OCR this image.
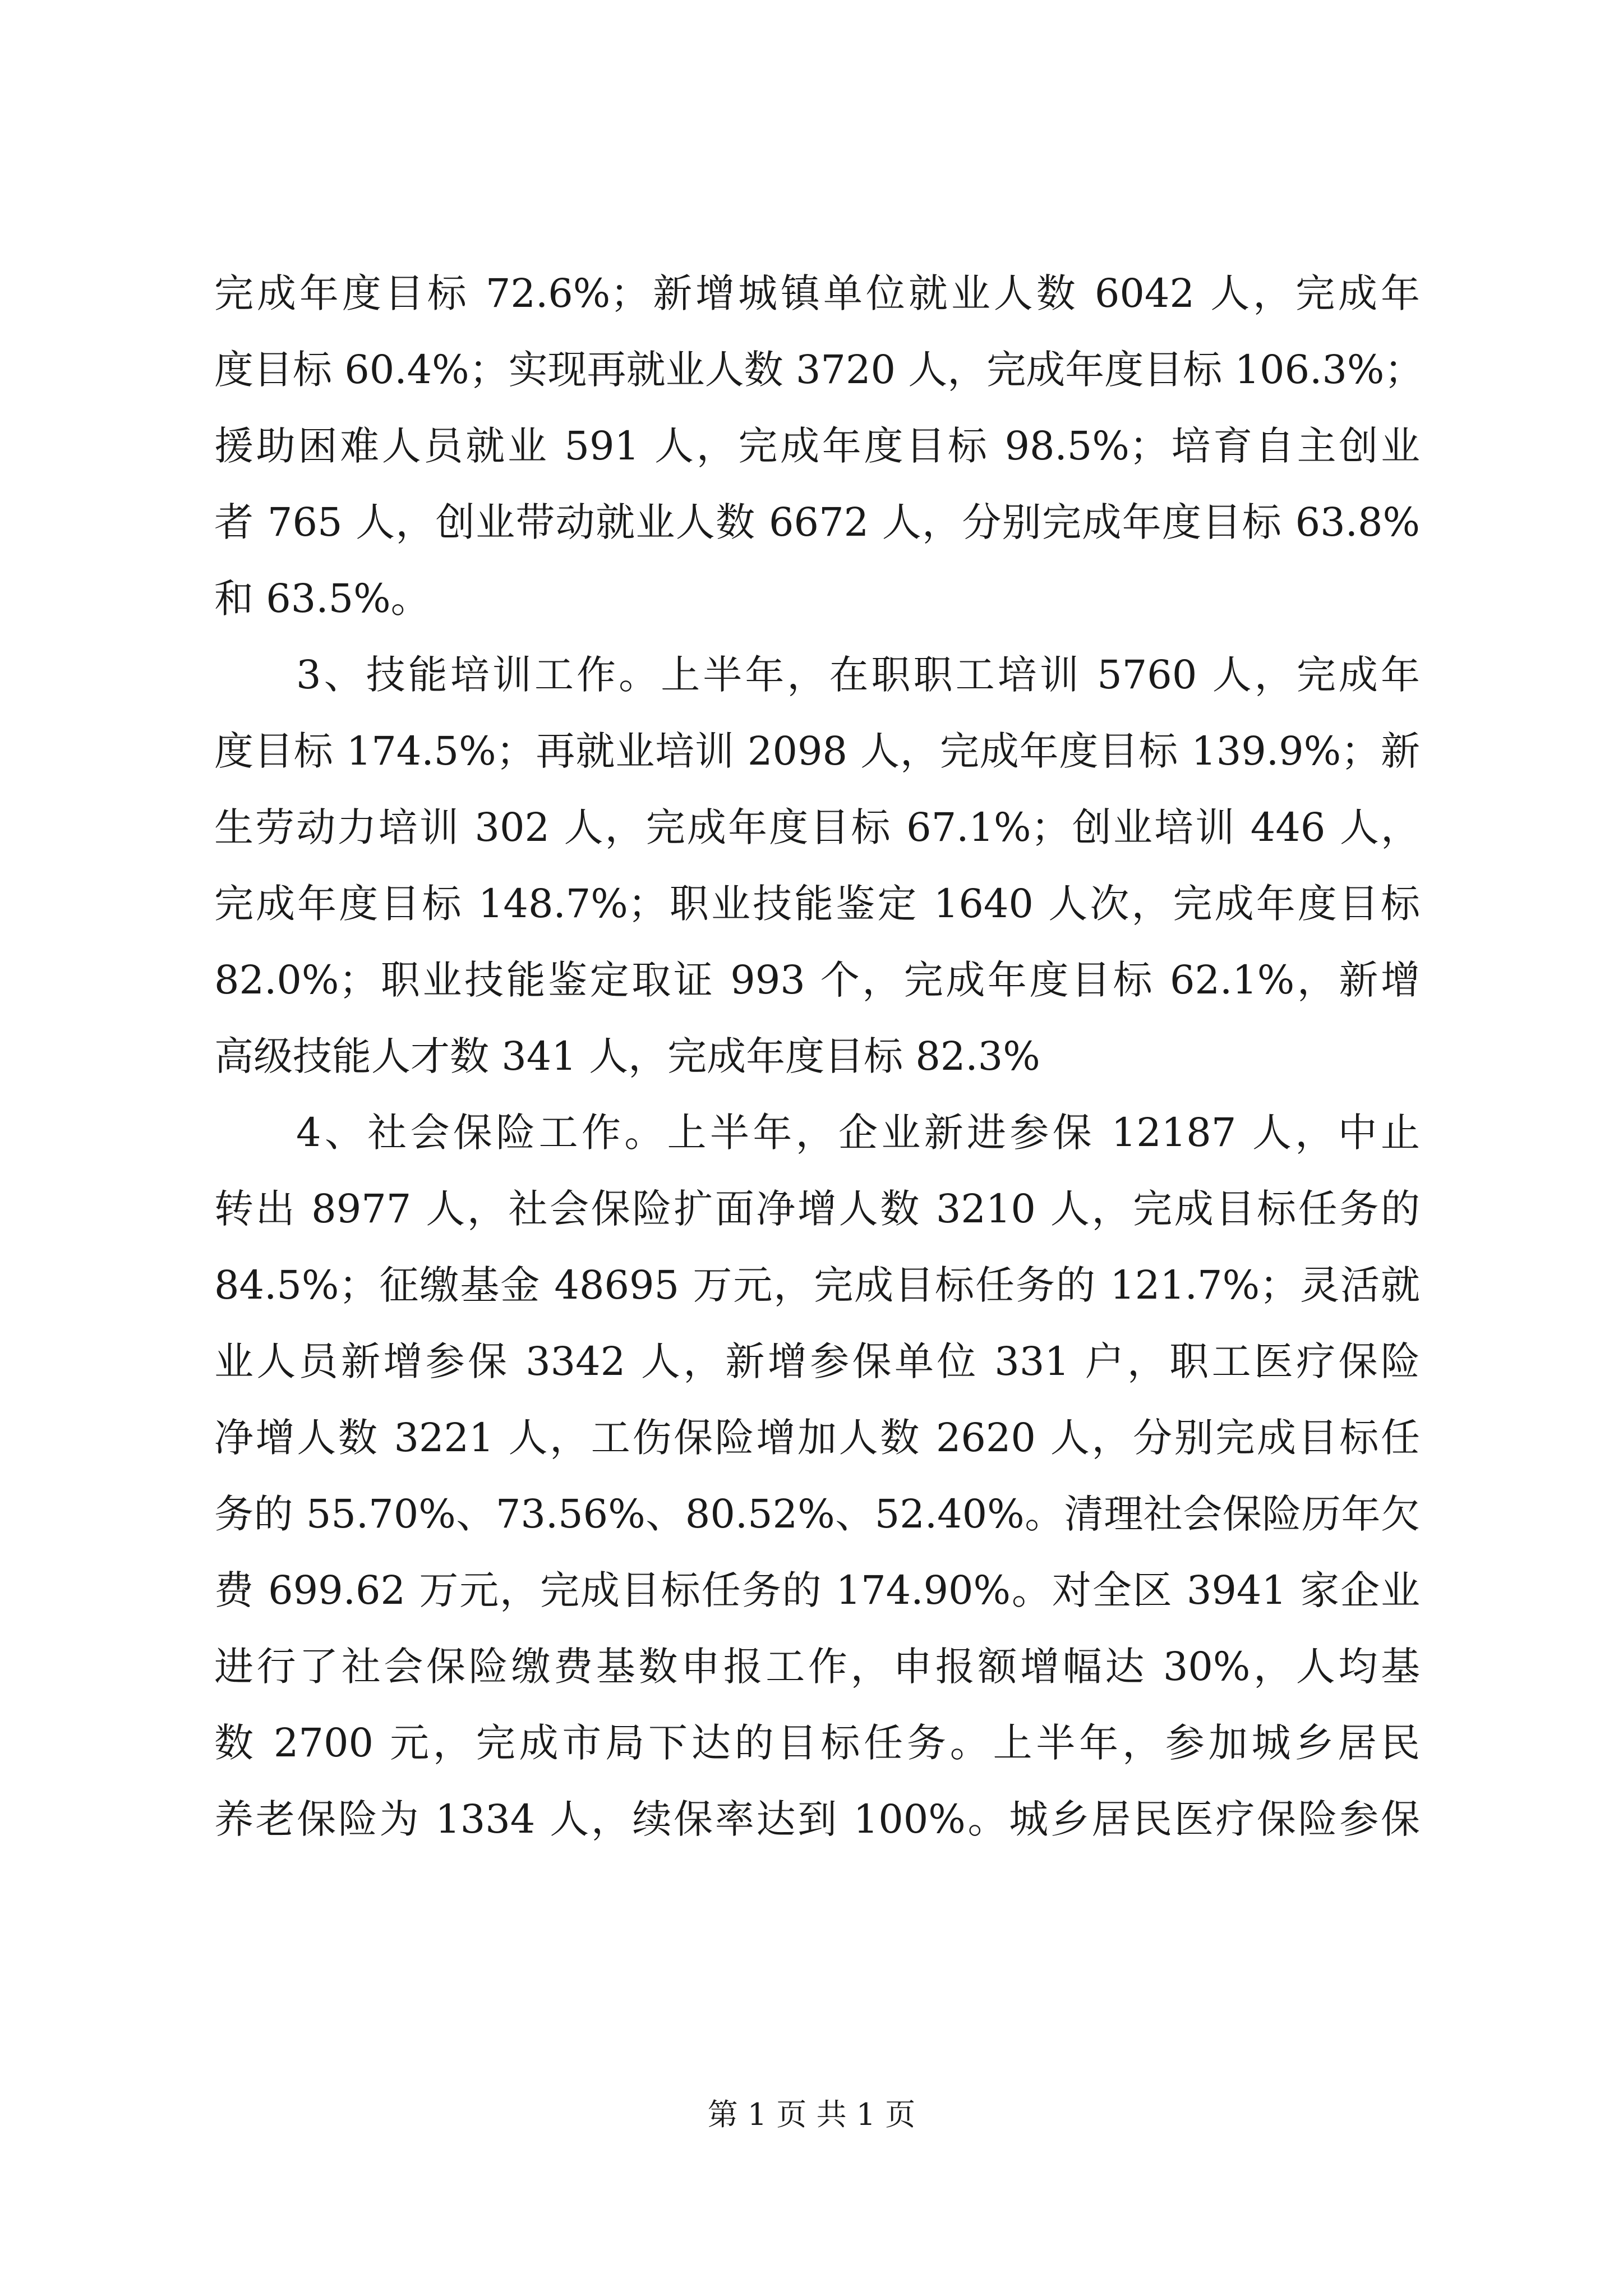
完成年度目标 72.6%；新增城镇单位就业人数 6042 人，完成年
度目标 60.4%；实现再就业人数 3720 人，完成年度目标 106.3%；
援助困难人员就业 591 人，完成年度目标 98.5%；培育自主创业
者 765 人，创业带动就业人数 6672 人，分别完成年度目标 63.8%
和 63.5%。
3、技能培训工作。上半年，在职职工培训 5760 人，完成年
度目标 174.5%；再就业培训 2098 人，完成年度目标 139.9%；新
生劳动力培训 302 人，完成年度目标 67.1%；创业培训 446 人，
完成年度目标 148.7%；职业技能鉴定 1640 人次，完成年度目标
82.0%；职业技能鉴定取证 993 个，完成年度目标 62.1%，新增
高级技能人才数 341 人，完成年度目标 82.3%
4、社会保险工作。上半年，企业新进参保 12187 人，中止
转出 8977 人，社会保险扩面净增人数 3210 人，完成目标任务的
84.5%；征缴基金 48695 万元，完成目标任务的 121.7%；灵活就
业人员新增参保 3342 人，新增参保单位 331 户，职工医疗保险
净增人数 3221 人，工伤保险增加人数 2620 人，分别完成目标任
务的 55.70%、73.56%、80.52%、52.40%。清理社会保险历年欠
费 699.62 万元，完成目标任务的 174.90%。对全区 3941 家企业
进行了社会保险缴费基数申报工作，申报额增幅达 30%，人均基
数 2700 元，完成市局下达的目标任务。上半年，参加城乡居民
养老保险为 1334 人，续保率达到 100%。城乡居民医疗保险参保
第 1 页 共 1 页
